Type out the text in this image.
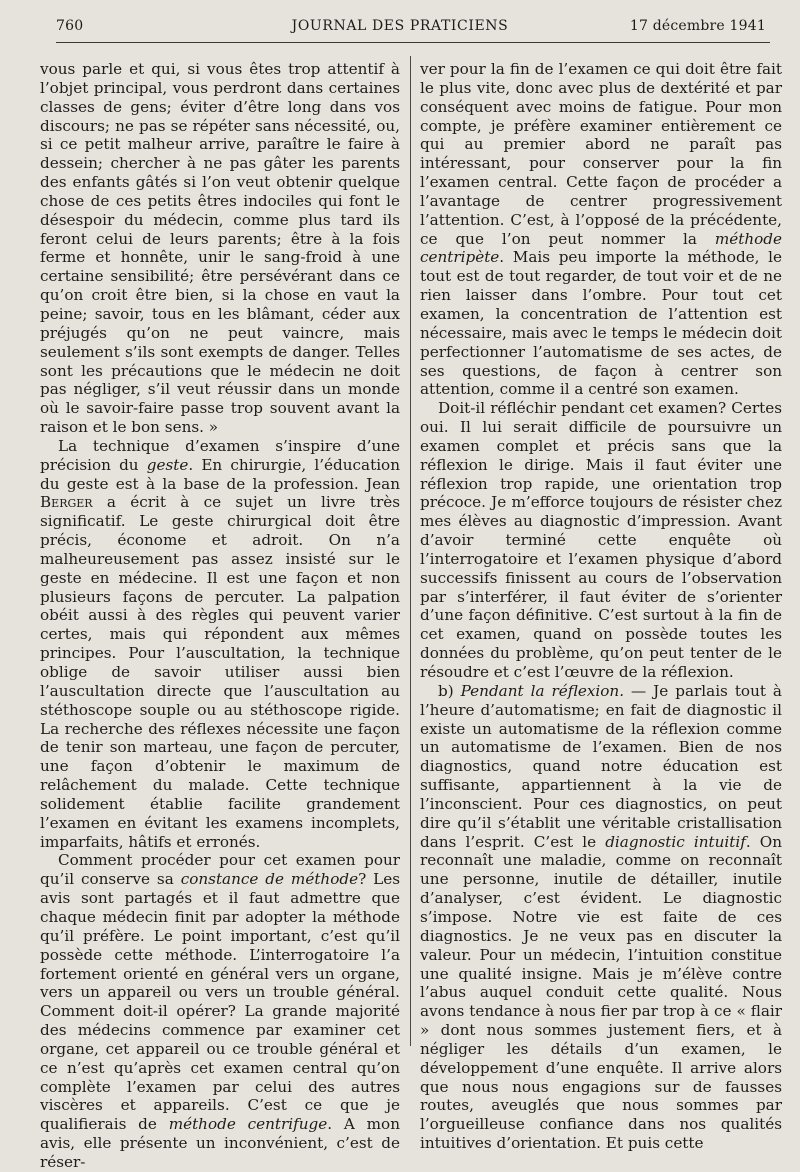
760	JOURNAL DES PRATICIENS	17 décembre 1941

vous parle et qui, si vous êtes trop attentif à l’objet principal, vous perdront dans certaines classes de gens; éviter d’être long dans vos discours; ne pas se répéter sans nécessité, ou, si ce petit malheur arrive, paraître le faire à dessein; chercher à ne pas gâter les parents des enfants gâtés si l’on veut obtenir quelque chose de ces petits êtres indociles qui font le désespoir du médecin, comme plus tard ils feront celui de leurs parents; être à la fois ferme et honnête, unir le sang-froid à une certaine sensibilité; être persévérant dans ce qu’on croit être bien, si la chose en vaut la peine; savoir, tous en les blâmant, céder aux préjugés qu’on ne peut vaincre, mais seulement s’ils sont exempts de danger. Telles sont les précautions que le médecin ne doit pas négliger, s’il veut réussir dans un monde où le savoir-faire passe trop souvent avant la raison et le bon sens. »

La technique d’examen s’inspire d’une précision du geste. En chirurgie, l’éducation du geste est à la base de la profession. Jean Berger a écrit à ce sujet un livre très significatif. Le geste chirurgical doit être précis, économe et adroit. On n’a malheureusement pas assez insisté sur le geste en médecine. Il est une façon et non plusieurs façons de percuter. La palpation obéit aussi à des règles qui peuvent varier certes, mais qui répondent aux mêmes principes. Pour l’auscultation, la technique oblige de savoir utiliser aussi bien l’auscultation directe que l’auscultation au stéthoscope souple ou au stéthoscope rigide. La recherche des réflexes nécessite une façon de tenir son marteau, une façon de percuter, une façon d’obtenir le maximum de relâchement du malade. Cette technique solidement établie facilite grandement l’examen en évitant les examens incomplets, imparfaits, hâtifs et erronés.

Comment procéder pour cet examen pour qu’il conserve sa constance de méthode? Les avis sont partagés et il faut admettre que chaque médecin finit par adopter la méthode qu’il préfère. Le point important, c’est qu’il possède cette méthode. L’interrogatoire l’a fortement orienté en général vers un organe, vers un appareil ou vers un trouble général. Comment doit-il opérer? La grande majorité des médecins commence par examiner cet organe, cet appareil ou ce trouble général et ce n’est qu’après cet examen central qu’on complète l’examen par celui des autres viscères et appareils. C’est ce que je qualifierais de méthode centrifuge. A mon avis, elle présente un inconvénient, c’est de réser-

ver pour la fin de l’examen ce qui doit être fait le plus vite, donc avec plus de dextérité et par conséquent avec moins de fatigue. Pour mon compte, je préfère examiner entièrement ce qui au premier abord ne paraît pas intéressant, pour conserver pour la fin l’examen central. Cette façon de procéder a l’avantage de centrer progressivement l’attention. C’est, à l’opposé de la précédente, ce que l’on peut nommer la méthode centripète. Mais peu importe la méthode, le tout est de tout regarder, de tout voir et de ne rien laisser dans l’ombre. Pour tout cet examen, la concentration de l’attention est nécessaire, mais avec le temps le médecin doit perfectionner l’automatisme de ses actes, de ses questions, de façon à centrer son attention, comme il a centré son examen.

Doit-il réfléchir pendant cet examen? Certes oui. Il lui serait difficile de poursuivre un examen complet et précis sans que la réflexion le dirige. Mais il faut éviter une réflexion trop rapide, une orientation trop précoce. Je m’efforce toujours de résister chez mes élèves au diagnostic d’impression. Avant d’avoir terminé cette enquête où l’interrogatoire et l’examen physique d’abord successifs finissent au cours de l’observation par s’interférer, il faut éviter de s’orienter d’une façon définitive. C’est surtout à la fin de cet examen, quand on possède toutes les données du problème, qu’on peut tenter de le résoudre et c’est l’œuvre de la réflexion.

b) Pendant la réflexion. — Je parlais tout à l’heure d’automatisme; en fait de diagnostic il existe un automatisme de la réflexion comme un automatisme de l’examen. Bien de nos diagnostics, quand notre éducation est suffisante, appartiennent à la vie de l’inconscient. Pour ces diagnostics, on peut dire qu’il s’établit une véritable cristallisation dans l’esprit. C’est le diagnostic intuitif. On reconnaît une maladie, comme on reconnaît une personne, inutile de détailler, inutile d’analyser, c’est évident. Le diagnostic s’impose. Notre vie est faite de ces diagnostics. Je ne veux pas en discuter la valeur. Pour un médecin, l’intuition constitue une qualité insigne. Mais je m’élève contre l’abus auquel conduit cette qualité. Nous avons tendance à nous fier par trop à ce « flair » dont nous sommes justement fiers, et à négliger les détails d’un examen, le développement d’une enquête. Il arrive alors que nous nous engagions sur de fausses routes, aveuglés que nous sommes par l’orgueilleuse confiance dans nos qualités intuitives d’orientation. Et puis cette
